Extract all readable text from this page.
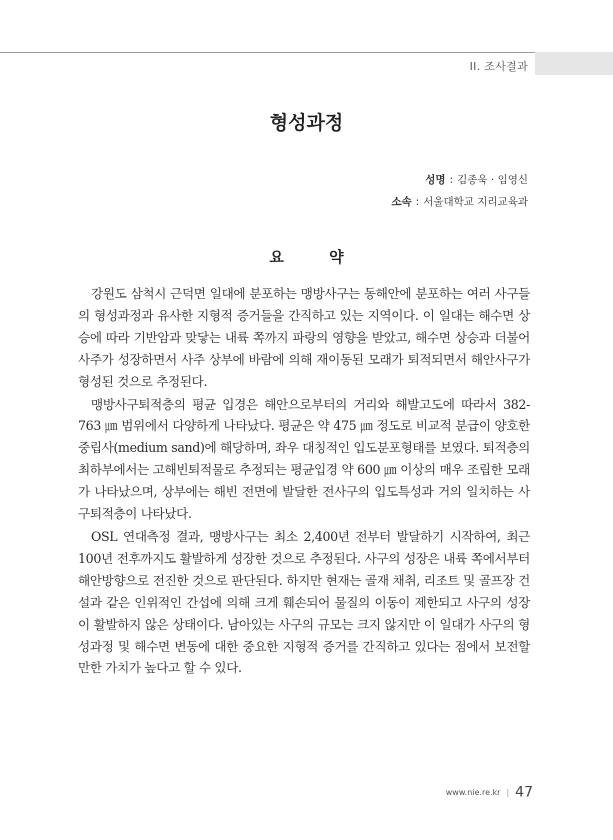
II. 조사결과
형성과정
성명 : 김종욱 · 임영신
소속 : 서울대학교 지리교육과
요 약

강원도 삼척시 근덕면 일대에 분포하는 맹방사구는 동해안에 분포하는 여러 사구들의 형성과정과 유사한 지형적 증거들을 간직하고 있는 지역이다. 이 일대는 해수면 상승에 따라 기반암과 맞닿는 내륙 쪽까지 파랑의 영향을 받았고, 해수면 상승과 더불어 사주가 성장하면서 사주 상부에 바람에 의해 재이동된 모래가 퇴적되면서 해안사구가 형성된 것으로 추정된다.

맹방사구퇴적층의 평균 입경은 해안으로부터의 거리와 해발고도에 따라서 382- 763 ㎛ 범위에서 다양하게 나타났다. 평균은 약 475 ㎛ 정도로 비교적 분급이 양호한 중립사(medium sand)에 해당하며, 좌우 대칭적인 입도분포형태를 보였다. 퇴적층의 최하부에서는 고해빈퇴적물로 추정되는 평균입경 약 600 ㎛ 이상의 매우 조립한 모래가 나타났으며, 상부에는 해빈 전면에 발달한 전사구의 입도특성과 거의 일치하는 사구퇴적층이 나타났다.

OSL 연대측정 결과, 맹방사구는 최소 2,400년 전부터 발달하기 시작하여, 최근 100년 전후까지도 활발하게 성장한 것으로 추정된다. 사구의 성장은 내륙 쪽에서부터 해안방향으로 전진한 것으로 판단된다. 하지만 현재는 골재 채취, 리조트 및 골프장 건설과 같은 인위적인 간섭에 의해 크게 훼손되어 물질의 이동이 제한되고 사구의 성장이 활발하지 않은 상태이다. 남아있는 사구의 규모는 크지 않지만 이 일대가 사구의 형성과정 및 해수면 변동에 대한 중요한 지형적 증거를 간직하고 있다는 점에서 보전할만한 가치가 높다고 할 수 있다.

www.nie.re.kr | 47
